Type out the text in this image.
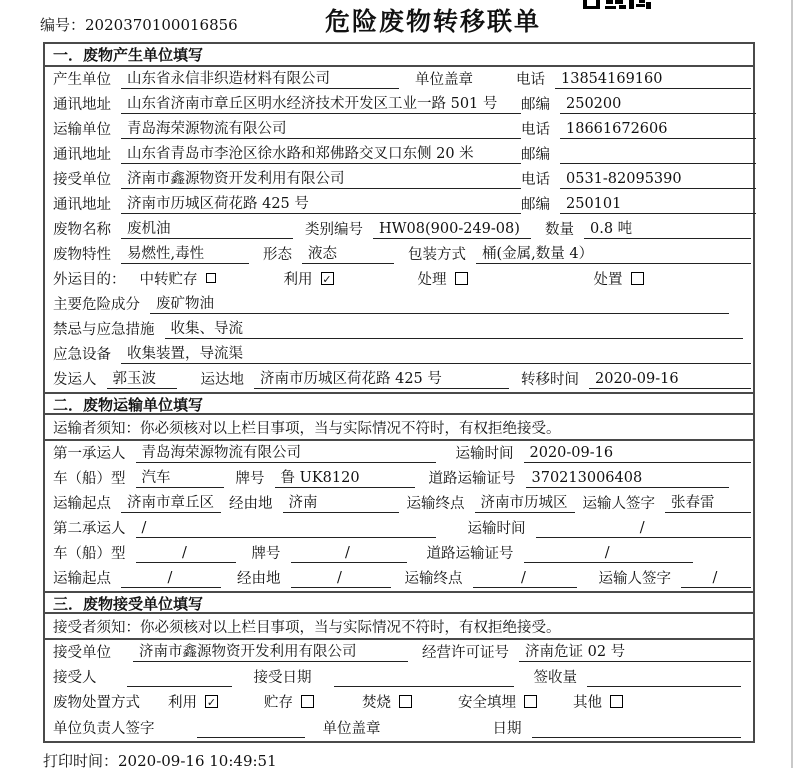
编号：2020370100016856	危险废物转移联单
一．废物产生单位填写
产生单位	山东省永信非织造材料有限公司	单位盖章	电话	13854169160
通讯地址	山东省济南市章丘区明水经济技术开发区工业一路 501 号	邮编	250200
运输单位	青岛海荣源物流有限公司	电话	18661672606
通讯地址	山东省青岛市李沧区徐水路和郑佛路交叉口东侧 20 米	邮编
接受单位	济南市鑫源物资开发利用有限公司	电话	0531-82095390
通讯地址	济南市历城区荷花路 425 号	邮编	250101
废物名称	废机油	类别编号	HW08(900-249-08)	数量	0.8 吨
废物特性	易燃性,毒性	形态	液态	包装方式	桶(金属,数量 4）
外运目的： 中转贮存	利用 ✓	处理	处置
主要危险成分	废矿物油
禁忌与应急措施	收集、导流
应急设备	收集装置，导流渠
发运人	郭玉波	运达地	济南市历城区荷花路 425 号	转移时间	2020-09-16
二．废物运输单位填写
运输者须知：你必须核对以上栏目事项，当与实际情况不符时，有权拒绝接受。
第一承运人	青岛海荣源物流有限公司	运输时间	2020-09-16
车（船）型	汽车	牌号	鲁 UK8120	道路运输证号	370213006408
运输起点	济南市章丘区	经由地	济南	运输终点	济南市历城区	运输人签字	张春雷
第二承运人	/	运输时间	/
车（船）型	/	牌号	/	道路运输证号	/
运输起点	/	经由地	/	运输终点	/	运输人签字	/
三．废物接受单位填写
接受者须知：你必须核对以上栏目事项，当与实际情况不符时，有权拒绝接受。
接受单位	济南市鑫源物资开发利用有限公司	经营许可证号	济南危证 02 号
接受人	接受日期	签收量
废物处置方式 利用 ✓	贮存	焚烧	安全填埋	其他
单位负责人签字	单位盖章	日期
打印时间：2020-09-16 10:49:51
